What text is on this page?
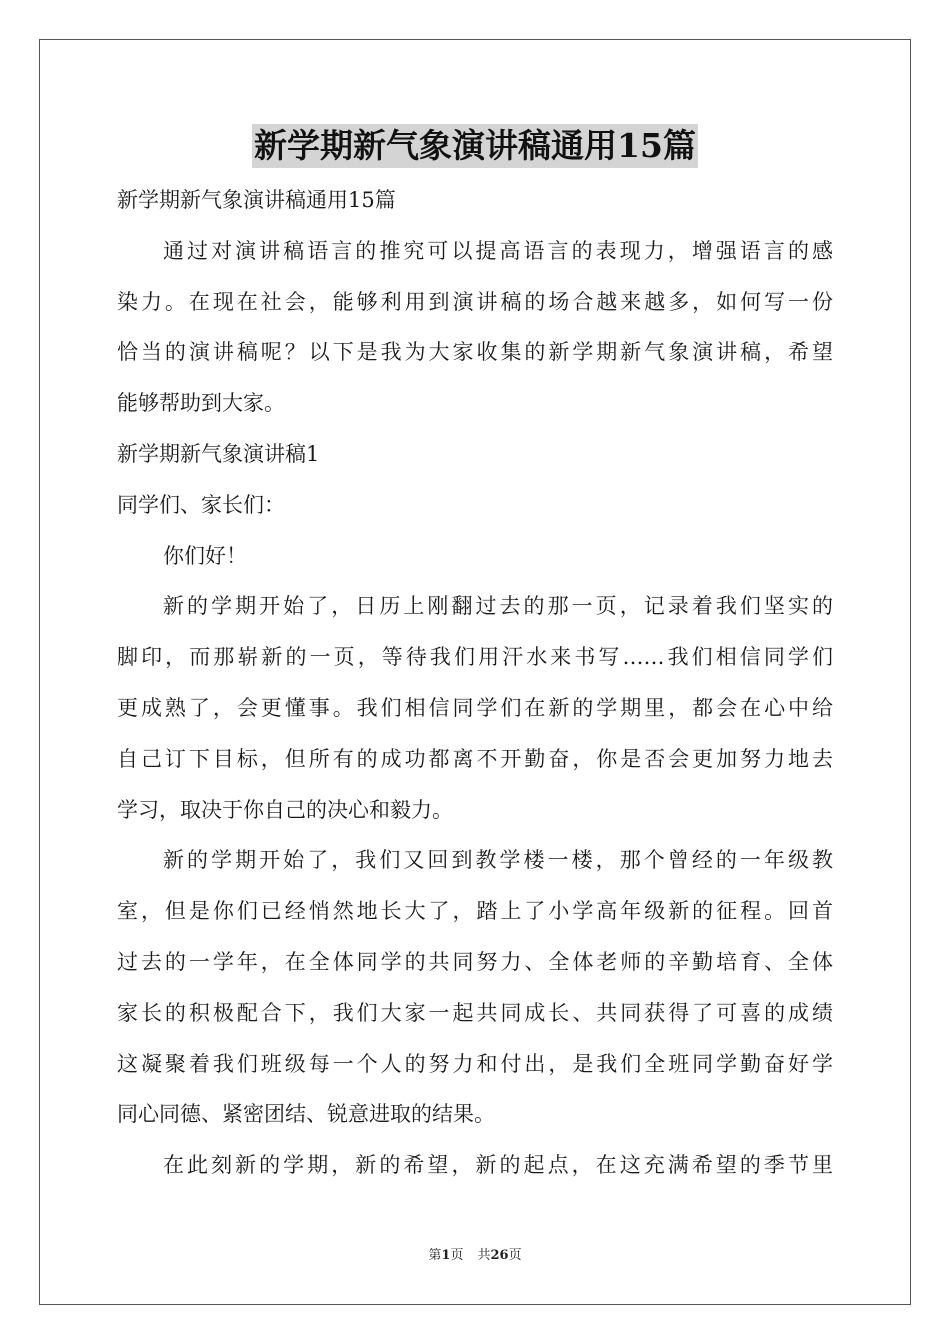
新学期新气象演讲稿通用15篇
新学期新气象演讲稿通用15篇
通过对演讲稿语言的推究可以提高语言的表现力，增强语言的感
染力。在现在社会，能够利用到演讲稿的场合越来越多，如何写一份
恰当的演讲稿呢？以下是我为大家收集的新学期新气象演讲稿，希望
能够帮助到大家。
新学期新气象演讲稿1
同学们、家长们：
你们好！
新的学期开始了，日历上刚翻过去的那一页，记录着我们坚实的
脚印，而那崭新的一页，等待我们用汗水来书写……我们相信同学们
更成熟了，会更懂事。我们相信同学们在新的学期里，都会在心中给
自己订下目标，但所有的成功都离不开勤奋，你是否会更加努力地去
学习，取决于你自己的决心和毅力。
新的学期开始了，我们又回到教学楼一楼，那个曾经的一年级教
室，但是你们已经悄然地长大了，踏上了小学高年级新的征程。回首
过去的一学年，在全体同学的共同努力、全体老师的辛勤培育、全体
家长的积极配合下，我们大家一起共同成长、共同获得了可喜的成绩
这凝聚着我们班级每一个人的努力和付出，是我们全班同学勤奋好学
同心同德、紧密团结、锐意进取的结果。
在此刻新的学期，新的希望，新的起点，在这充满希望的季节里
第1页 共26页
